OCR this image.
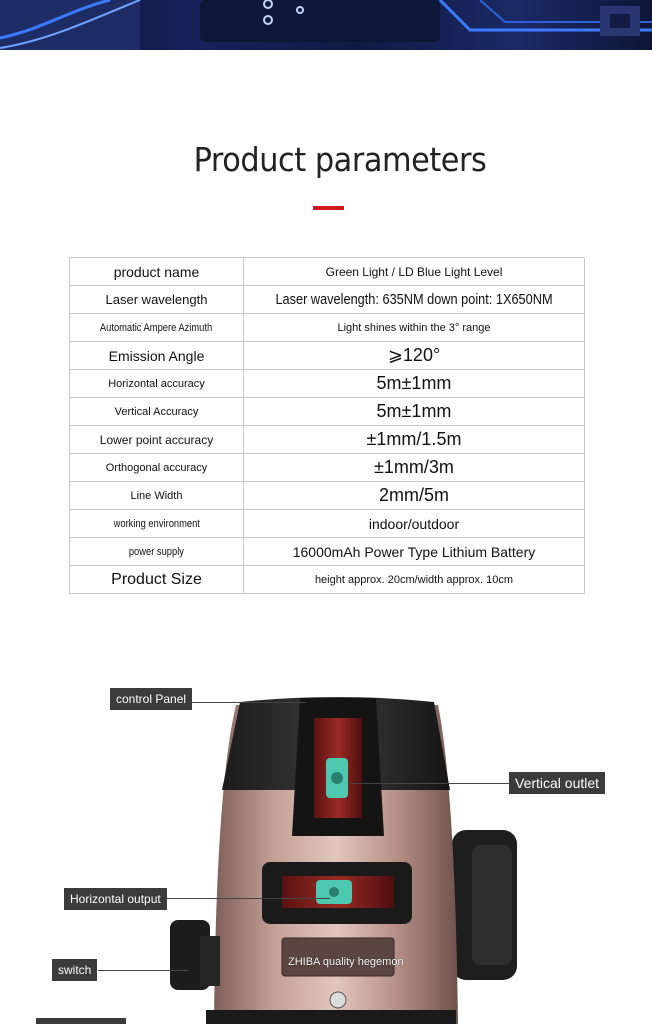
Product parameters
product name	Green Light / LD Blue Light Level
Laser wavelength	Laser wavelength: 635NM down point: 1X650NM
Automatic Ampere Azimuth	Light shines within the 3° range
Emission Angle	⩾120°
Horizontal accuracy	5m±1mm
Vertical Accuracy	5m±1mm
Lower point accuracy	±1mm/1.5m
Orthogonal accuracy	±1mm/3m
Line Width	2mm/5m
working environment	indoor/outdoor
power supply	16000mAh Power Type Lithium Battery
Product Size	height approx. 20cm/width approx. 10cm
control Panel
Vertical outlet
Horizontal output
switch
ZHIBA quality hegemon
